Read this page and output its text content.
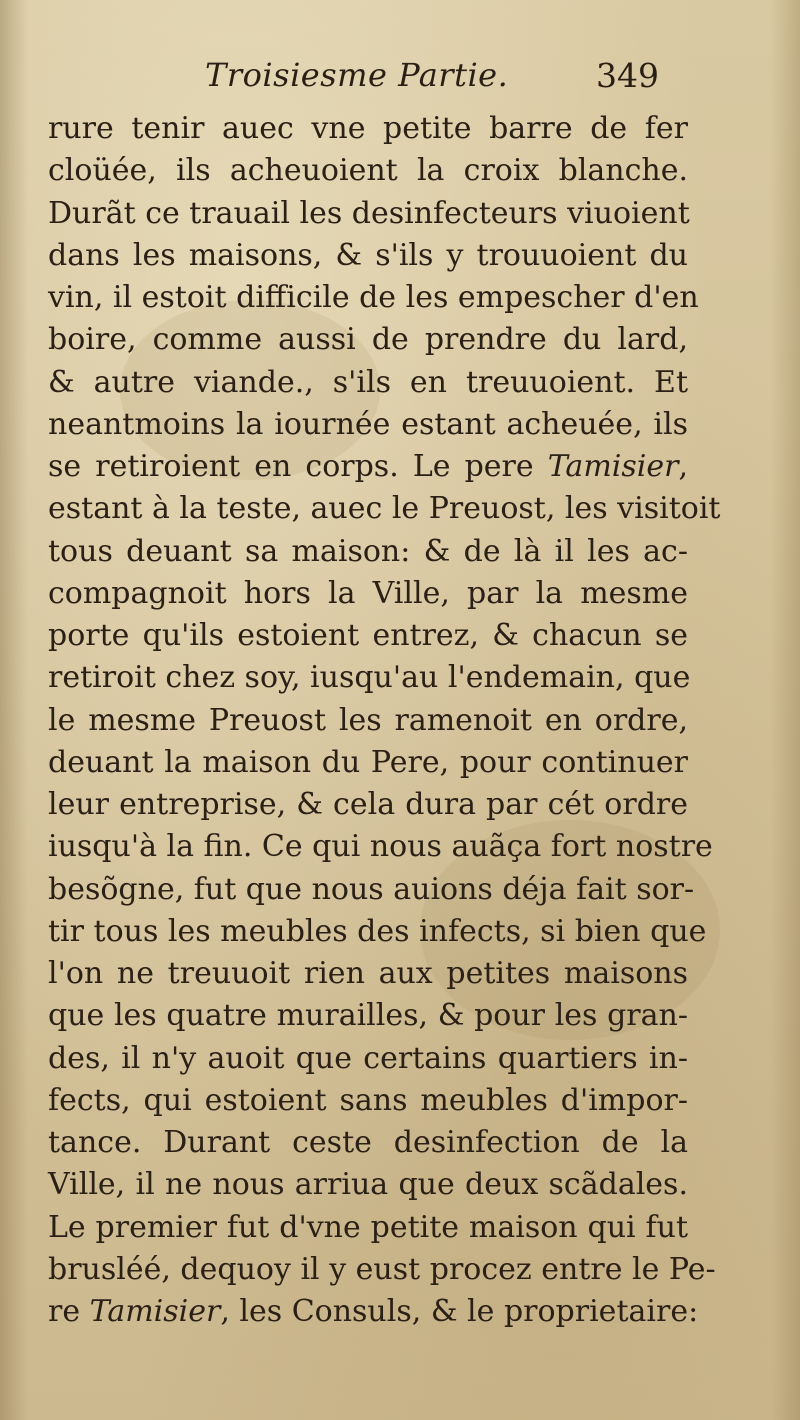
Troisiesme Partie.	349
rure tenir auec vne petite barre de fer
cloüée, ils acheuoient la croix blanche.
Durãt ce trauail les desinfecteurs viuoient
dans les maisons, & s'ils y trouuoient du
vin, il estoit difficile de les empescher d'en
boire, comme aussi de prendre du lard,
& autre viande., s'ils en treuuoient. Et
neantmoins la iournée estant acheuée, ils
se retiroient en corps. Le pere Tamisier,
estant à la teste, auec le Preuost, les visitoit
tous deuant sa maison: & de là il les ac-
compagnoit hors la Ville, par la mesme
porte qu'ils estoient entrez, & chacun se
retiroit chez soy, iusqu'au l'endemain, que
le mesme Preuost les ramenoit en ordre,
deuant la maison du Pere, pour continuer
leur entreprise, & cela dura par cét ordre
iusqu'à la fin. Ce qui nous auãça fort nostre
besõgne, fut que nous auions déja fait sor-
tir tous les meubles des infects, si bien que
l'on ne treuuoit rien aux petites maisons
que les quatre murailles, & pour les gran-
des, il n'y auoit que certains quartiers in-
fects, qui estoient sans meubles d'impor-
tance. Durant ceste desinfection de la
Ville, il ne nous arriua que deux scãdales.
Le premier fut d'vne petite maison qui fut
brusléé, dequoy il y eust procez entre le Pe-
re Tamisier, les Consuls, & le proprietaire:
